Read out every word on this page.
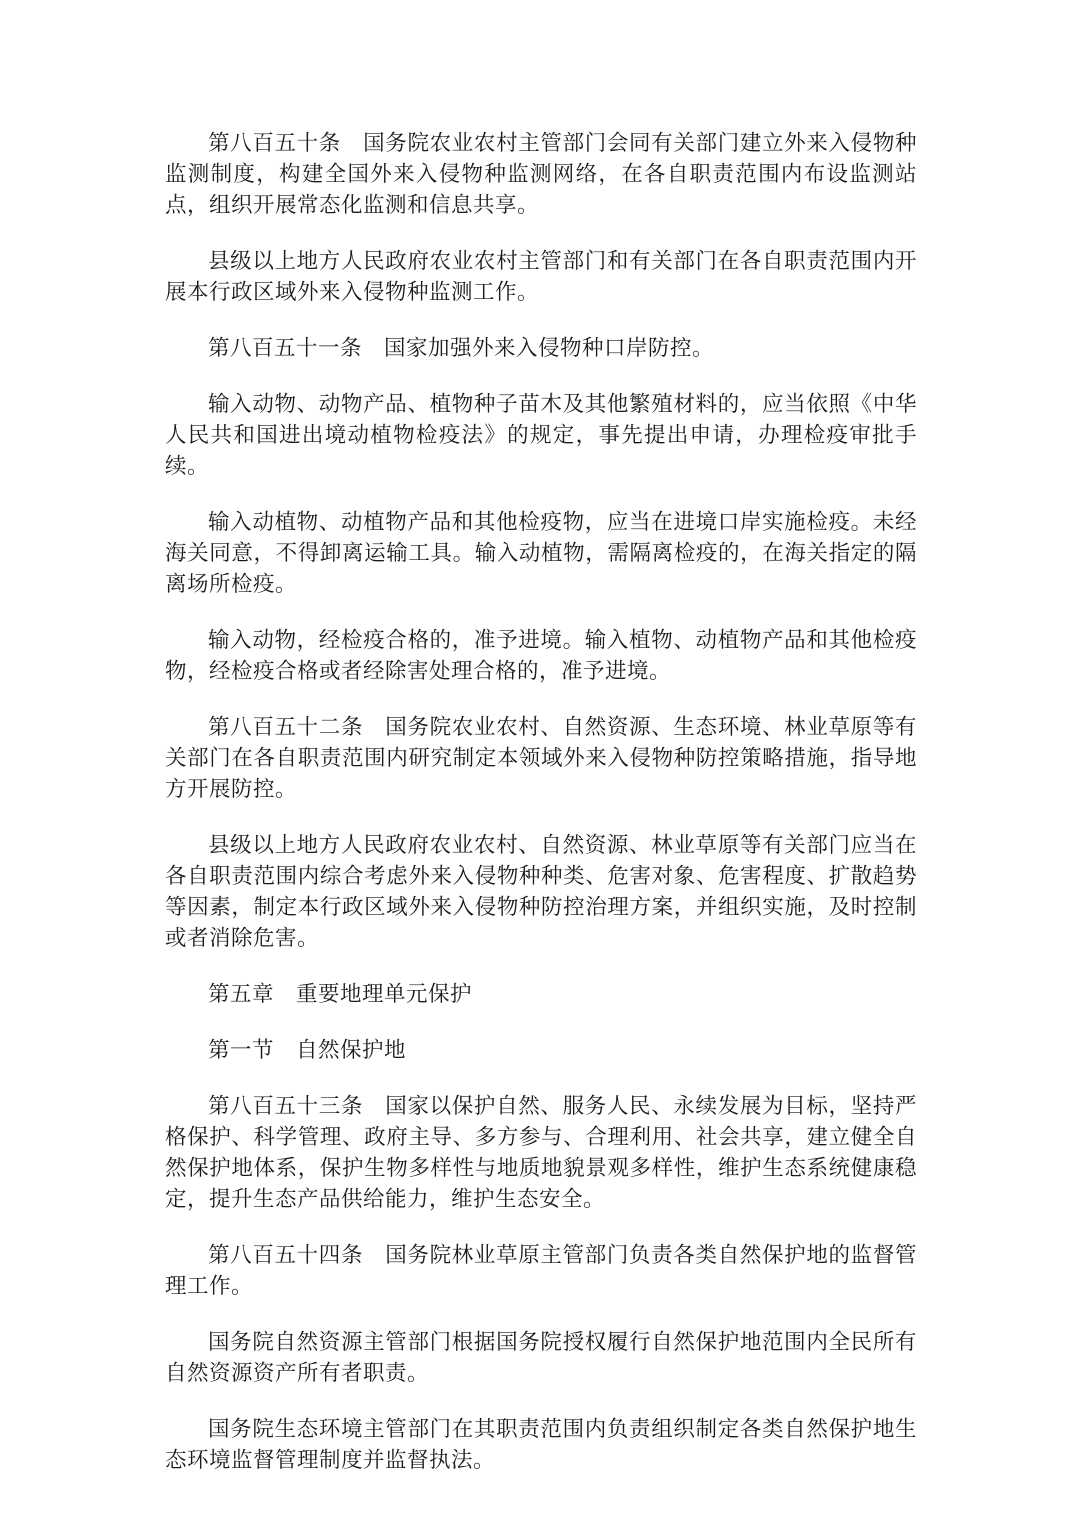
第八百五十条　国务院农业农村主管部门会同有关部门建立外来入侵物种监测制度，构建全国外来入侵物种监测网络，在各自职责范围内布设监测站点，组织开展常态化监测和信息共享。

县级以上地方人民政府农业农村主管部门和有关部门在各自职责范围内开展本行政区域外来入侵物种监测工作。

第八百五十一条　国家加强外来入侵物种口岸防控。

输入动物、动物产品、植物种子苗木及其他繁殖材料的，应当依照《中华人民共和国进出境动植物检疫法》的规定，事先提出申请，办理检疫审批手续。

输入动植物、动植物产品和其他检疫物，应当在进境口岸实施检疫。未经海关同意，不得卸离运输工具。输入动植物，需隔离检疫的，在海关指定的隔离场所检疫。

输入动物，经检疫合格的，准予进境。输入植物、动植物产品和其他检疫物，经检疫合格或者经除害处理合格的，准予进境。

第八百五十二条　国务院农业农村、自然资源、生态环境、林业草原等有关部门在各自职责范围内研究制定本领域外来入侵物种防控策略措施，指导地方开展防控。

县级以上地方人民政府农业农村、自然资源、林业草原等有关部门应当在各自职责范围内综合考虑外来入侵物种种类、危害对象、危害程度、扩散趋势等因素，制定本行政区域外来入侵物种防控治理方案，并组织实施，及时控制或者消除危害。

第五章　重要地理单元保护

第一节　自然保护地

第八百五十三条　国家以保护自然、服务人民、永续发展为目标，坚持严格保护、科学管理、政府主导、多方参与、合理利用、社会共享，建立健全自然保护地体系，保护生物多样性与地质地貌景观多样性，维护生态系统健康稳定，提升生态产品供给能力，维护生态安全。

第八百五十四条　国务院林业草原主管部门负责各类自然保护地的监督管理工作。

国务院自然资源主管部门根据国务院授权履行自然保护地范围内全民所有自然资源资产所有者职责。

国务院生态环境主管部门在其职责范围内负责组织制定各类自然保护地生态环境监督管理制度并监督执法。
